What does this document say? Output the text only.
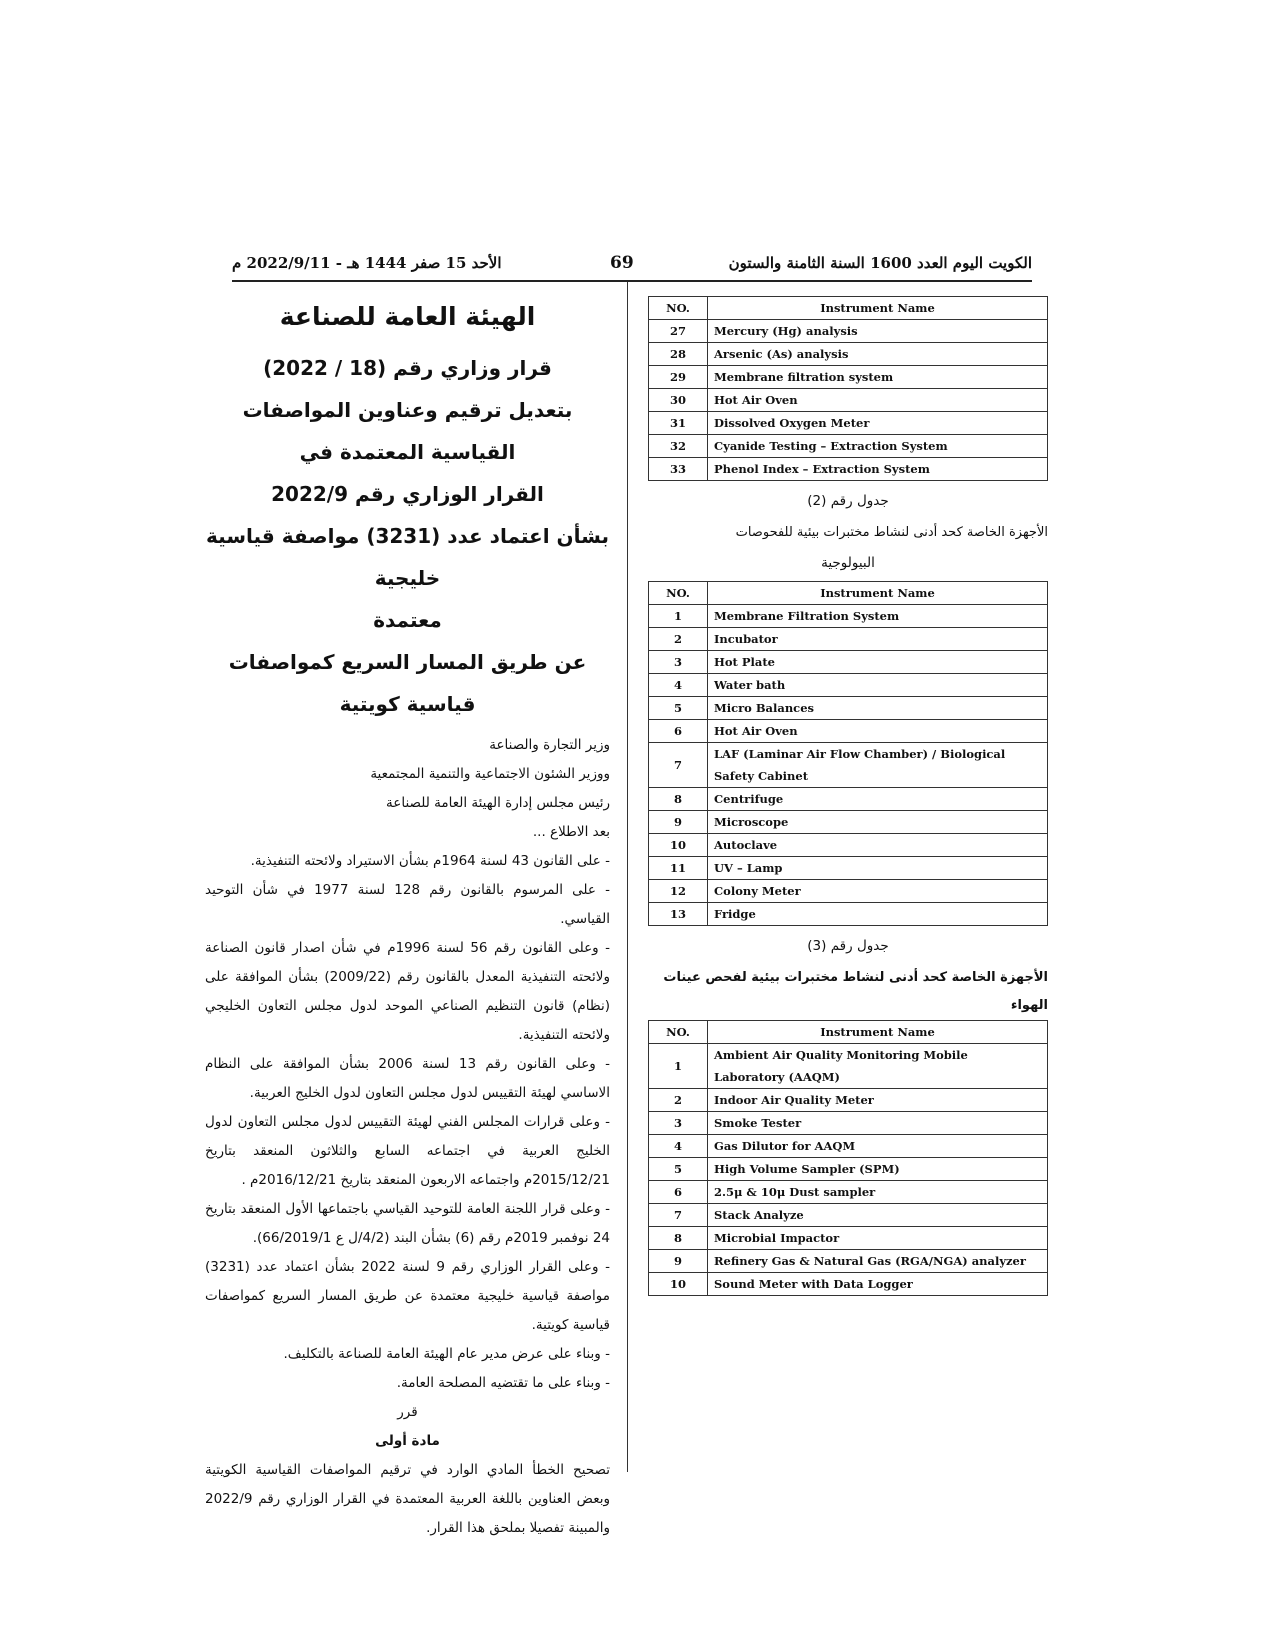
الكويت اليوم العدد 1600 السنة الثامنة والستون
69
الأحد 15 صفر 1444 هـ - 2022/9/11 م

الهيئة العامة للصناعة

قرار وزاري رقم (18 / 2022)

بتعديل ترقيم وعناوين المواصفات القياسية المعتمدة في

القرار الوزاري رقم 2022/9

بشأن اعتماد عدد (3231) مواصفة قياسية خليجية

معتمدة

عن طريق المسار السريع كمواصفات قياسية كويتية

وزير التجارة والصناعة

ووزير الشئون الاجتماعية والتنمية المجتمعية

رئيس مجلس إدارة الهيئة العامة للصناعة

بعد الاطلاع ...

- على القانون 43 لسنة 1964م بشأن الاستيراد ولائحته التنفيذية.

- على المرسوم بالقانون رقم 128 لسنة 1977 في شأن التوحيد القياسي.

- وعلى القانون رقم 56 لسنة 1996م في شأن اصدار قانون الصناعة ولائحته التنفيذية المعدل بالقانون رقم (2009/22) بشأن الموافقة على (نظام) قانون التنظيم الصناعي الموحد لدول مجلس التعاون الخليجي ولائحته التنفيذية.

- وعلى القانون رقم 13 لسنة 2006 بشأن الموافقة على النظام الاساسي لهيئة التقييس لدول مجلس التعاون لدول الخليج العربية.

- وعلى قرارات المجلس الفني لهيئة التقييس لدول مجلس التعاون لدول الخليج العربية في اجتماعه السابع والثلاثون المنعقد بتاريخ 2015/12/21م واجتماعه الاربعون المنعقد بتاريخ 2016/12/21م .

- وعلى قرار اللجنة العامة للتوحيد القياسي باجتماعها الأول المنعقد بتاريخ 24 نوفمبر 2019م رقم (6) بشأن البند (4/2/ل ع 66/2019/1).

- وعلى القرار الوزاري رقم 9 لسنة 2022 بشأن اعتماد عدد (3231) مواصفة قياسية خليجية معتمدة عن طريق المسار السريع كمواصفات قياسية كويتية.

- وبناء على عرض مدير عام الهيئة العامة للصناعة بالتكليف.

- وبناء على ما تقتضيه المصلحة العامة.

قرر

مادة أولى

تصحيح الخطأ المادي الوارد في ترقيم المواصفات القياسية الكويتية وبعض العناوين باللغة العربية المعتمدة في القرار الوزاري رقم 2022/9 والمبينة تفصيلا بملحق هذا القرار.

NO.	Instrument Name
27	Mercury (Hg) analysis
28	Arsenic (As) analysis
29	Membrane filtration system
30	Hot Air Oven
31	Dissolved Oxygen Meter
32	Cyanide Testing – Extraction System
33	Phenol Index – Extraction System

جدول رقم (2)

الأجهزة الخاصة كحد أدنى لنشاط مختبرات بيئية للفحوصات

البيولوجية

NO.	Instrument Name
1	Membrane Filtration System
2	Incubator
3	Hot Plate
4	Water bath
5	Micro Balances
6	Hot Air Oven
7	LAF (Laminar Air Flow Chamber) / Biological Safety Cabinet
8	Centrifuge
9	Microscope
10	Autoclave
11	UV – Lamp
12	Colony Meter
13	Fridge

جدول رقم (3)

الأجهزة الخاصة كحد أدنى لنشاط مختبرات بيئية لفحص عينات الهواء

NO.	Instrument Name
1	Ambient Air Quality Monitoring Mobile Laboratory (AAQM)
2	Indoor Air Quality Meter
3	Smoke Tester
4	Gas Dilutor for AAQM
5	High Volume Sampler (SPM)
6	2.5μ & 10μ Dust sampler
7	Stack Analyze
8	Microbial Impactor
9	Refinery Gas & Natural Gas (RGA/NGA) analyzer
10	Sound Meter with Data Logger
